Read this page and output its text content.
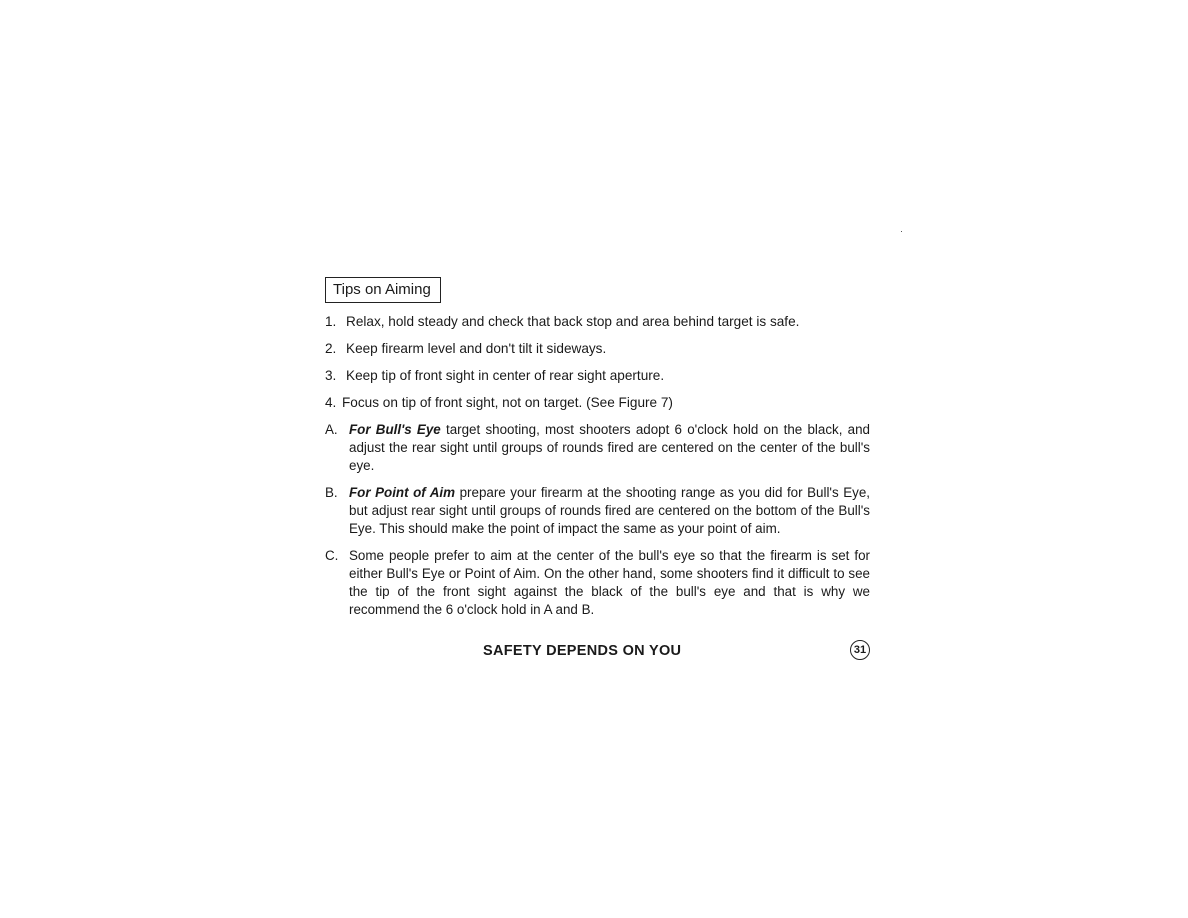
Tips on Aiming
1. Relax, hold steady and check that back stop and area behind target is safe.
2. Keep firearm level and don't tilt it sideways.
3. Keep tip of front sight in center of rear sight aperture.
4. Focus on tip of front sight, not on target. (See Figure 7)
A. For Bull's Eye target shooting, most shooters adopt 6 o'clock hold on the black, and adjust the rear sight until groups of rounds fired are centered on the center of the bull's eye.
B. For Point of Aim prepare your firearm at the shooting range as you did for Bull's Eye, but adjust rear sight until groups of rounds fired are centered on the bottom of the Bull's Eye. This should make the point of impact the same as your point of aim.
C. Some people prefer to aim at the center of the bull's eye so that the firearm is set for either Bull's Eye or Point of Aim. On the other hand, some shooters find it difficult to see the tip of the front sight against the black of the bull's eye and that is why we recommend the 6 o'clock hold in A and B.
SAFETY DEPENDS ON YOU	31
